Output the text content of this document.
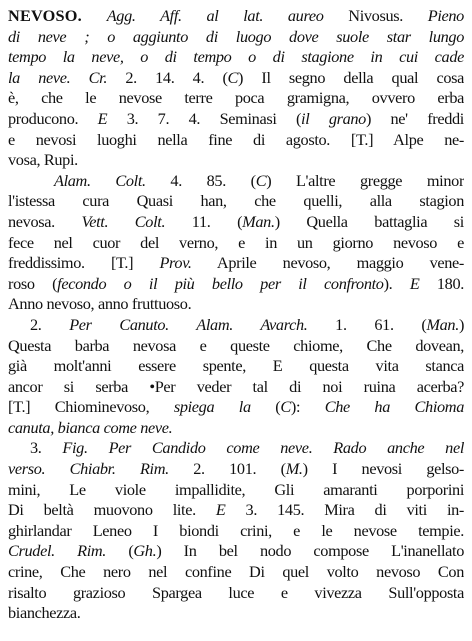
NEVOSO. Agg. Aff. al lat. aureo Nivosus. Pieno
di neve ; o aggiunto di luogo dove suole star lungo
tempo la neve, o di tempo o di stagione in cui cade
la neve. Cr. 2. 14. 4. (C) Il segno della qual cosa
è, che le nevose terre poca gramigna, ovvero erba
producono. E 3. 7. 4. Seminasi (il grano) ne' freddi
e nevosi luoghi nella fine di agosto. [T.] Alpe ne-
vosa, Rupi.
Alam. Colt. 4. 85. (C) L'altre gregge minor
l'istessa cura Quasi han, che quelli, alla stagion
nevosa. Vett. Colt. 11. (Man.) Quella battaglia si
fece nel cuor del verno, e in un giorno nevoso e
freddissimo. [T.] Prov. Aprile nevoso, maggio vene-
roso (fecondo o il più bello per il confronto). E 180.
Anno nevoso, anno fruttuoso.
2. Per Canuto. Alam. Avarch. 1. 61. (Man.)
Questa barba nevosa e queste chiome, Che dovean,
già molt'anni essere spente, E questa vita stanca
ancor si serba •Per veder tal di noi ruina acerba?
[T.] Chiominevoso, spiega la (C): Che ha Chioma
canuta, bianca come neve.
3. Fig. Per Candido come neve. Rado anche nel
verso. Chiabr. Rim. 2. 101. (M.) I nevosi gelso-
mini, Le viole impallidite, Gli amaranti porporini
Di beltà muovono lite. E 3. 145. Mira di viti in-
ghirlandar Leneo I biondi crini, e le nevose tempie.
Crudel. Rim. (Gh.) In bel nodo compose L'inanellato
crine, Che nero nel confine Di quel volto nevoso Con
risalto grazioso Spargea luce e vivezza Sull'opposta
bianchezza.
